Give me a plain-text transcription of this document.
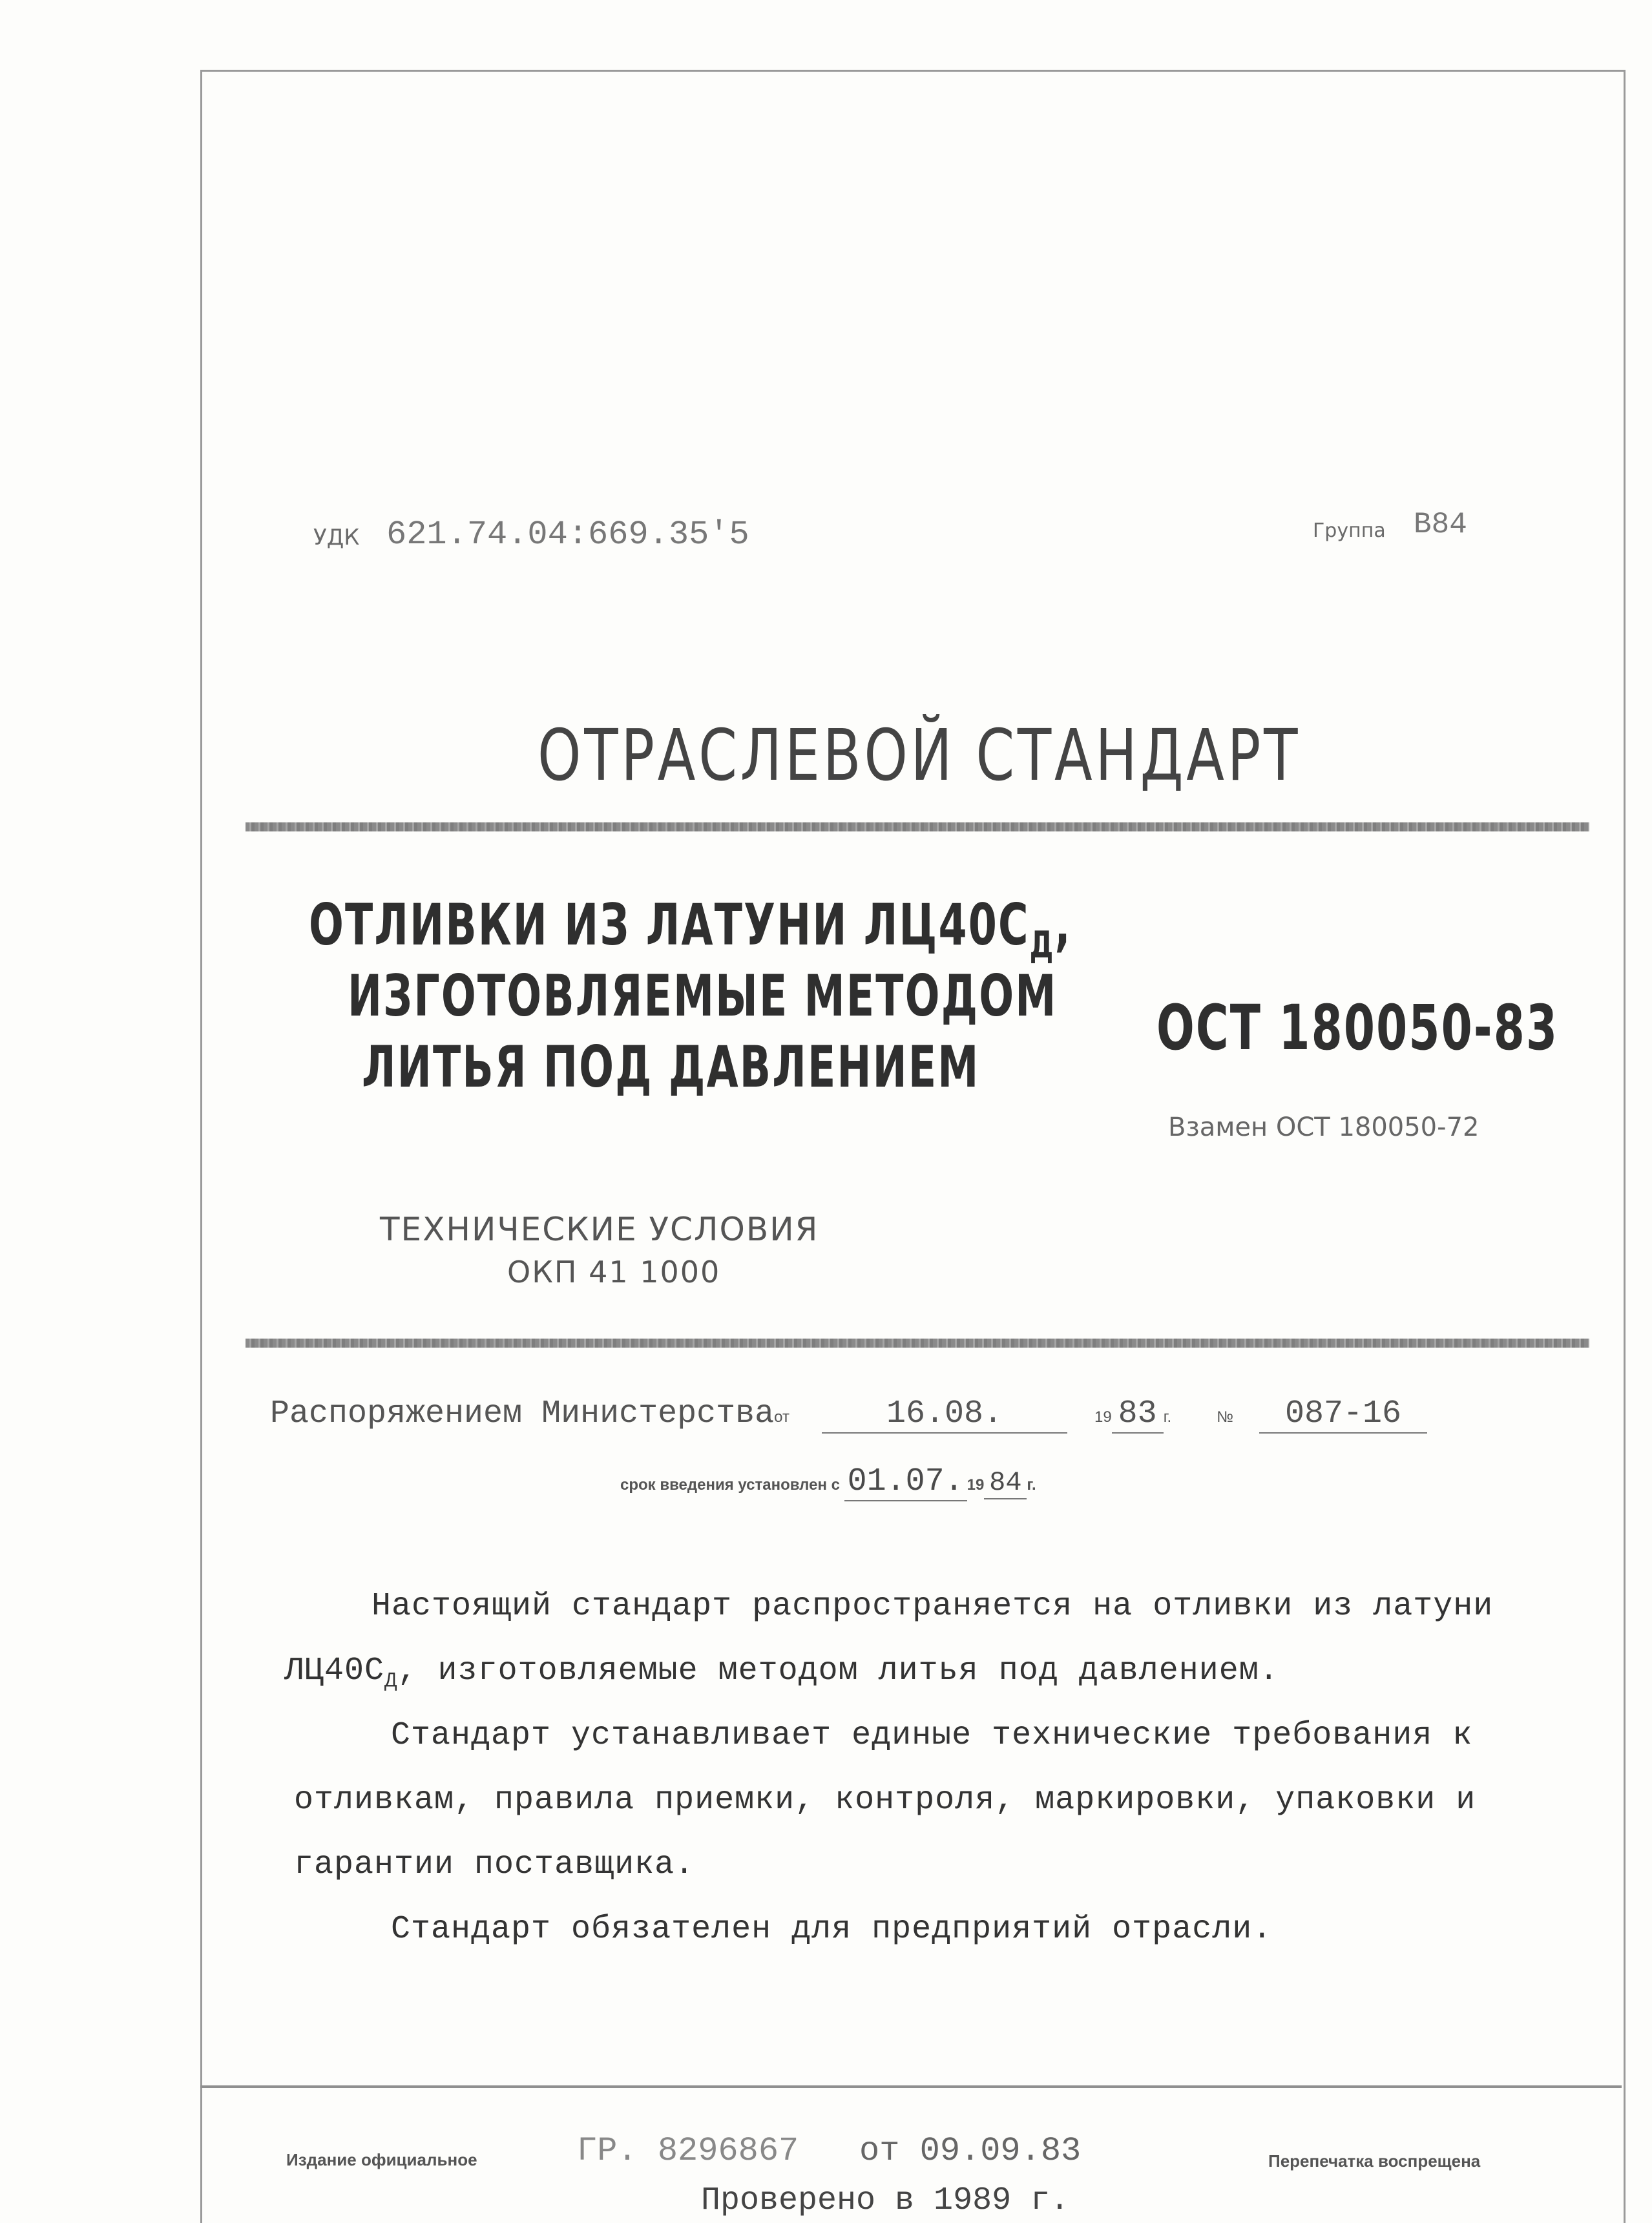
УДК 621.74.04:669.35'5	Группа В84
ОТРАСЛЕВОЙ СТАНДАРТ
ОТЛИВКИ ИЗ ЛАТУНИ $ЛЦ40С_Д$,
ИЗГОТОВЛЯЕМЫЕ МЕТОДОМ
ЛИТЬЯ ПОД ДАВЛЕНИЕМ
ОСТ 180050-83
Взамен ОСТ 180050-72
ТЕХНИЧЕСКИЕ УСЛОВИЯ
ОКП 41 1000
Распоряжением Министерстваот	16.08.	19 83 г.	№ 087-16
срок введения установлен с 01.07. 19 84 г.
Настоящий стандарт распространяется на отливки из латуни
$ЛЦ40С_Д$, изготовляемые методом литья под давлением.
Стандарт устанавливает единые технические требования к
отливкам, правила приемки, контроля, маркировки, упаковки и
гарантии поставщика.
Стандарт обязателен для предприятий отрасли.
Издание официальное	ГР. 8296867 от 09.09.83	Перепечатка воспрещена
Проверено в 1989 г.
